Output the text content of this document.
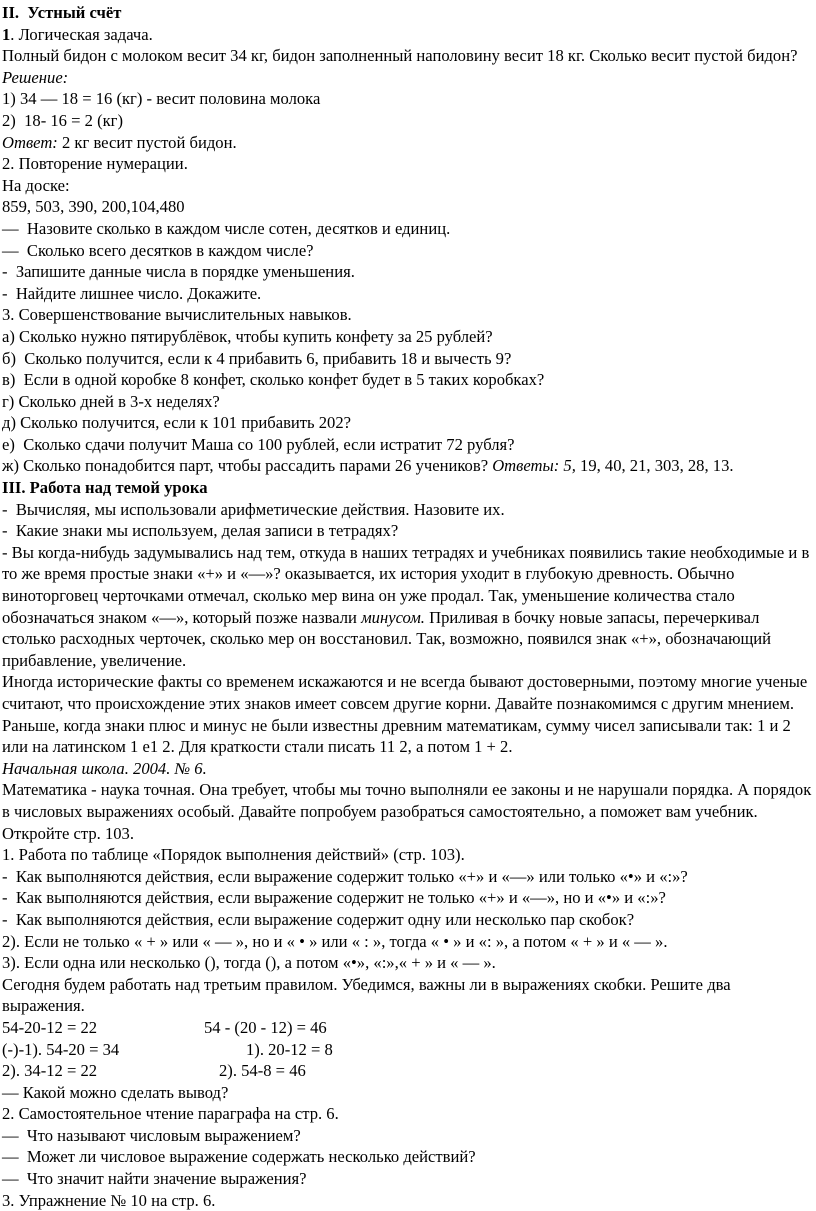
II.  Устный счёт
1. Логическая задача.
Полный бидон с молоком весит 34 кг, бидон заполненный наполовину весит 18 кг. Сколько весит пустой бидон? Решение:
1) 34 — 18 = 16 (кг) - весит половина молока
2)  18- 16 = 2 (кг)
Ответ: 2 кг весит пустой бидон.
2. Повторение нумерации.
На доске:
859, 503, 390, 200,104,480
—  Назовите сколько в каждом числе сотен, десятков и единиц.
—  Сколько всего десятков в каждом числе?
-  Запишите данные числа в порядке уменьшения.
-  Найдите лишнее число. Докажите.
3. Совершенствование вычислительных навыков.
а) Сколько нужно пятирублёвок, чтобы купить конфету за 25 рублей?
б)  Сколько получится, если к 4 прибавить 6, прибавить 18 и вычесть 9?
в)  Если в одной коробке 8 конфет, сколько конфет будет в 5 таких коробках?
г) Сколько дней в 3-х неделях?
д) Сколько получится, если к 101 прибавить 202?
е)  Сколько сдачи получит Маша со 100 рублей, если истратит 72 рубля?
ж) Сколько понадобится парт, чтобы рассадить парами 26 учеников? Ответы: 5, 19, 40, 21, 303, 28, 13.
III. Работа над темой урока
-  Вычисляя, мы использовали арифметические действия. Назовите их.
-  Какие знаки мы используем, делая записи в тетрадях?
- Вы когда-нибудь задумывались над тем, откуда в наших тетрадях и учебниках появились такие необходимые и в то же время простые знаки «+» и «—»? оказывается, их история уходит в глубокую древность. Обычно виноторговец черточками отмечал, сколько мер вина он уже продал. Так, уменьшение количества стало обозначаться знаком «—», который позже назвали минусом. Приливая в бочку новые запасы, перечеркивал столько расходных черточек, сколько мер он восстановил. Так, возможно, появился знак «+», обозначающий прибавление, увеличение.
Иногда исторические факты со временем искажаются и не всегда бывают достоверными, поэтому многие ученые считают, что происхождение этих знаков имеет совсем другие корни. Давайте познакомимся с другим мнением.
Раньше, когда знаки плюс и минус не были известны древним математикам, сумму чисел записывали так: 1 и 2 или на латинском 1 е1 2. Для краткости стали писать 11 2, а потом 1 + 2.
Начальная школа. 2004. № 6.
Математика - наука точная. Она требует, чтобы мы точно выполняли ее законы и не нарушали порядка. А порядок в числовых выражениях особый. Давайте попробуем разобраться самостоятельно, а поможет вам учебник. Откройте стр. 103.
1. Работа по таблице «Порядок выполнения действий» (стр. 103).
-  Как выполняются действия, если выражение содержит только «+» и «—» или только «•» и «:»?
-  Как выполняются действия, если выражение содержит не только «+» и «—», но и «•» и «:»?
-  Как выполняются действия, если выражение содержит одну или несколько пар скобок?
2). Если не только « + » или « — », но и « • » или « : », тогда « • » и «: », а потом « + » и « — ».
3). Если одна или несколько (), тогда (), а потом «•», «:»,« + » и « — ».
Сегодня будем работать над третьим правилом. Убедимся, важны ли в выражениях скобки. Решите два выражения.
54-20-12 = 22	54 - (20 - 12) = 46
(-)-1). 54-20 = 34	1). 20-12 = 8
2). 34-12 = 22	2). 54-8 = 46
— Какой можно сделать вывод?
2. Самостоятельное чтение параграфа на стр. 6.
—  Что называют числовым выражением?
—  Может ли числовое выражение содержать несколько действий?
—  Что значит найти значение выражения?
3. Упражнение № 10 на стр. 6.
